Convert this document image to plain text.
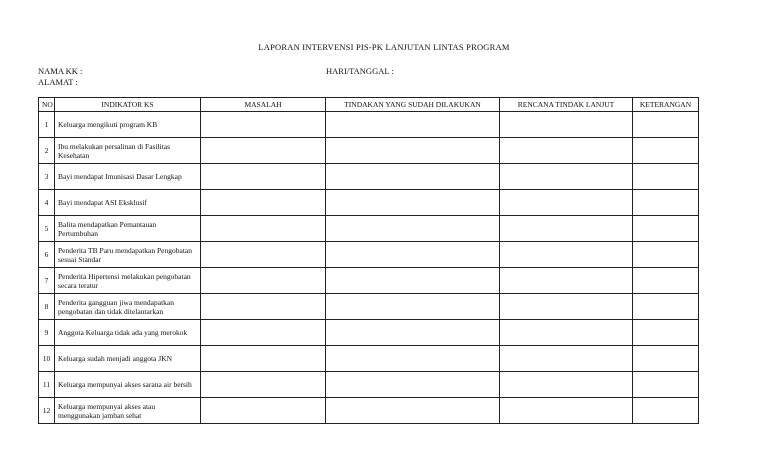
LAPORAN INTERVENSI PIS-PK LANJUTAN LINTAS PROGRAM
NAMA KK :
ALAMAT :
HARI/TANGGAL :
NO	INDIKATOR KS	MASALAH	TINDAKAN YANG SUDAH DILAKUKAN	RENCANA TINDAK LANJUT	KETERANGAN
1	Keluarga mengikuti program KB				
2	Ibu melakukan persalinan di Fasilitas Kesehatan				
3	Bayi mendapat Imunisasi Dasar Lengkap				
4	Bayi mendapat ASI Eksklusif				
5	Balita mendapatkan Pemantauan Pertumbuhan				
6	Penderita TB Paru mendapatkan Pengobatan sesuai Standar				
7	Penderita Hipertensi melakukan pengobatan secara teratur				
8	Penderita gangguan jiwa mendapatkan pengobatan dan tidak ditelantarkan				
9	Anggota Keluarga tidak ada yang merokok				
10	Keluarga sudah menjadi anggota JKN				
11	Keluarga mempunyai akses sarana air bersih				
12	Keluarga mempunyai akses atau menggunakan jamban sehat				
